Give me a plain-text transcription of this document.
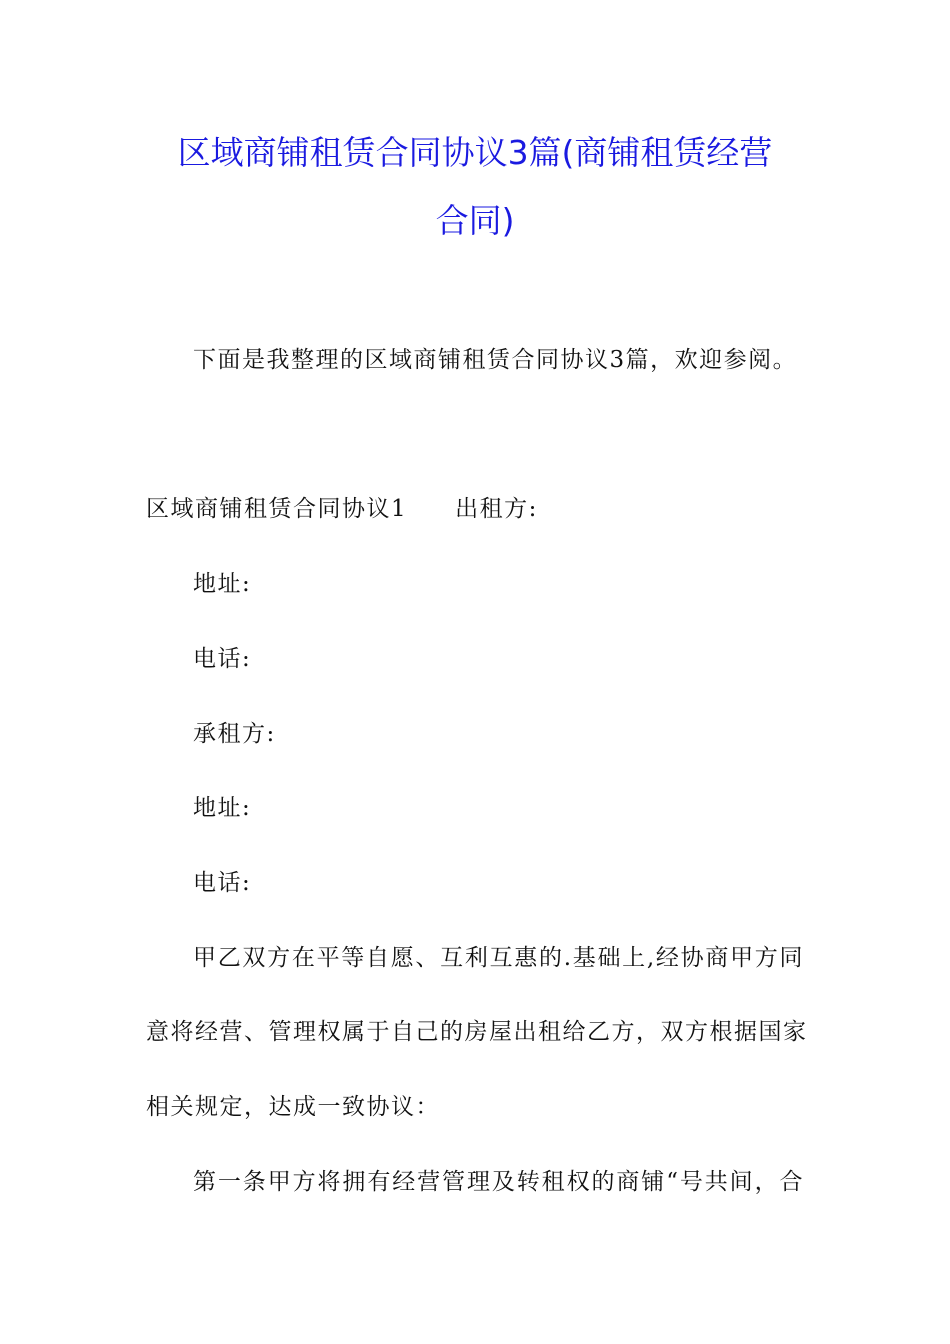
区域商铺租赁合同协议3篇(商铺租赁经营
合同)
下面是我整理的区域商铺租赁合同协议3篇，欢迎参阅。
区域商铺租赁合同协议1 出租方:
地址:
电话:
承租方:
地址:
电话:
甲乙双方在平等自愿、互利互惠的.基础上,经协商甲方同
意将经营、管理权属于自己的房屋出租给乙方，双方根据国家
相关规定，达成一致协议：
第一条甲方将拥有经营管理及转租权的商铺“号共间，合
